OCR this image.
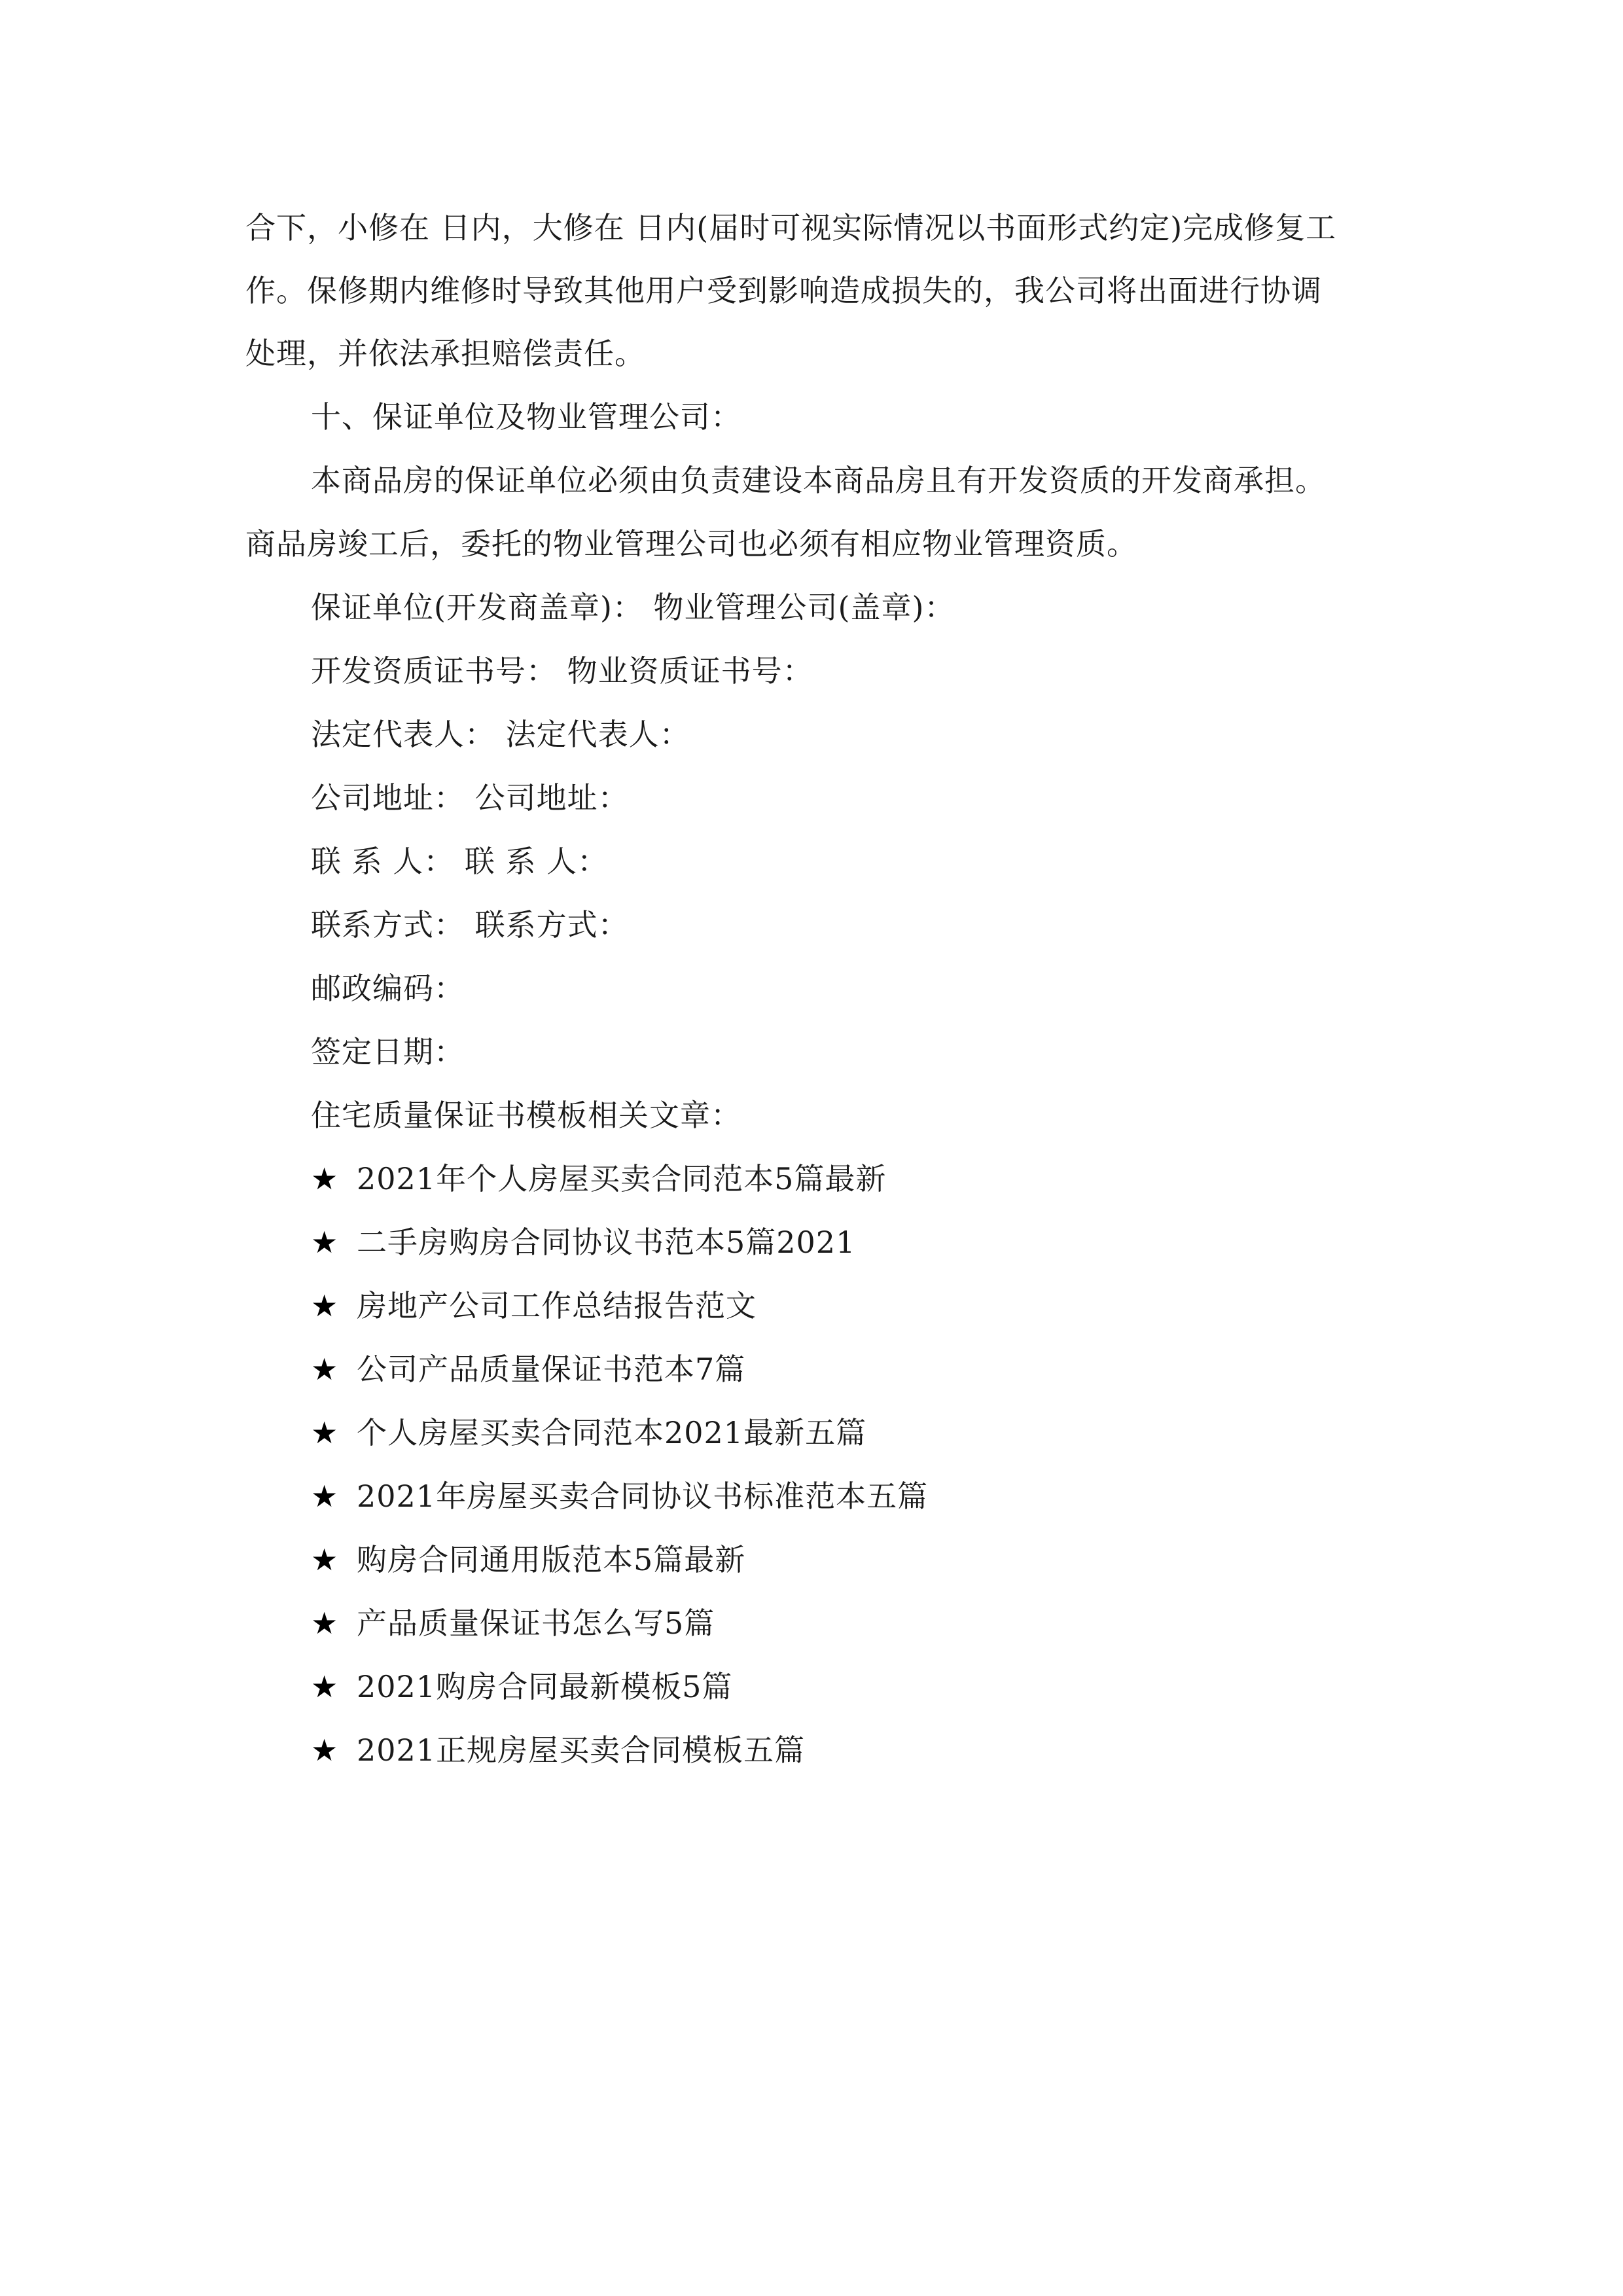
合下，小修在 日内，大修在 日内(届时可视实际情况以书面形式约定)完成修复工
作。保修期内维修时导致其他用户受到影响造成损失的，我公司将出面进行协调
处理，并依法承担赔偿责任。
十、保证单位及物业管理公司：
本商品房的保证单位必须由负责建设本商品房且有开发资质的开发商承担。
商品房竣工后，委托的物业管理公司也必须有相应物业管理资质。
保证单位(开发商盖章)： 物业管理公司(盖章)：
开发资质证书号： 物业资质证书号：
法定代表人： 法定代表人：
公司地址： 公司地址：
联 系 人： 联 系 人：
联系方式： 联系方式：
邮政编码：
签定日期：
住宅质量保证书模板相关文章：
★ 2021年个人房屋买卖合同范本5篇最新
★ 二手房购房合同协议书范本5篇2021
★ 房地产公司工作总结报告范文
★ 公司产品质量保证书范本7篇
★ 个人房屋买卖合同范本2021最新五篇
★ 2021年房屋买卖合同协议书标准范本五篇
★ 购房合同通用版范本5篇最新
★ 产品质量保证书怎么写5篇
★ 2021购房合同最新模板5篇
★ 2021正规房屋买卖合同模板五篇
